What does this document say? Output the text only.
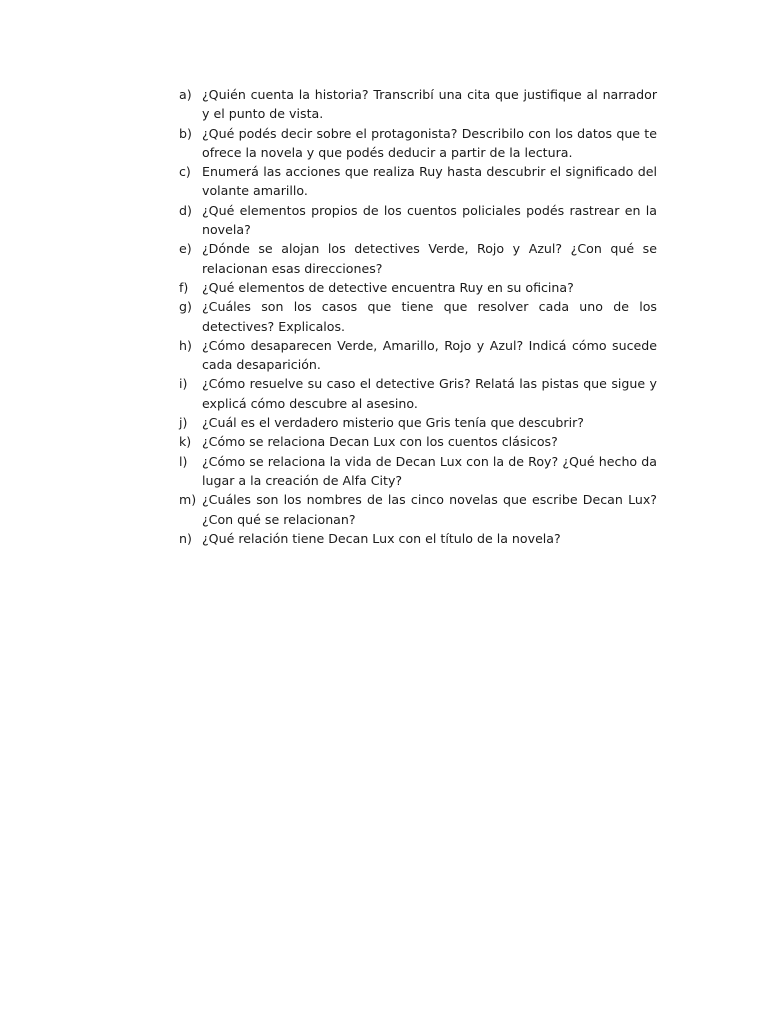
a) ¿Quién cuenta la historia? Transcribí una cita que justifique al narrador y el punto de vista.
b) ¿Qué podés decir sobre el protagonista? Describilo con los datos que te ofrece la novela y que podés deducir a partir de la lectura.
c) Enumerá las acciones que realiza Ruy hasta descubrir el significado del volante amarillo.
d) ¿Qué elementos propios de los cuentos policiales podés rastrear en la novela?
e) ¿Dónde se alojan los detectives Verde, Rojo y Azul? ¿Con qué se relacionan esas direcciones?
f)	¿Qué elementos de detective encuentra Ruy en su oficina?
g) ¿Cuáles son los casos que tiene que resolver cada uno de los detectives? Explicalos.
h) ¿Cómo desaparecen Verde, Amarillo, Rojo y Azul? Indicá cómo sucede cada desaparición.
i)	¿Cómo resuelve su caso el detective Gris? Relatá las pistas que sigue y explicá cómo descubre al asesino.
j)	¿Cuál es el verdadero misterio que Gris tenía que descubrir?
k) ¿Cómo se relaciona Decan Lux con los cuentos clásicos?
l)	¿Cómo se relaciona la vida de Decan Lux con la de Roy? ¿Qué hecho da lugar a la creación de Alfa City?
m) ¿Cuáles son los nombres de las cinco novelas que escribe Decan Lux? ¿Con qué se relacionan?
n) ¿Qué relación tiene Decan Lux con el título de la novela?
